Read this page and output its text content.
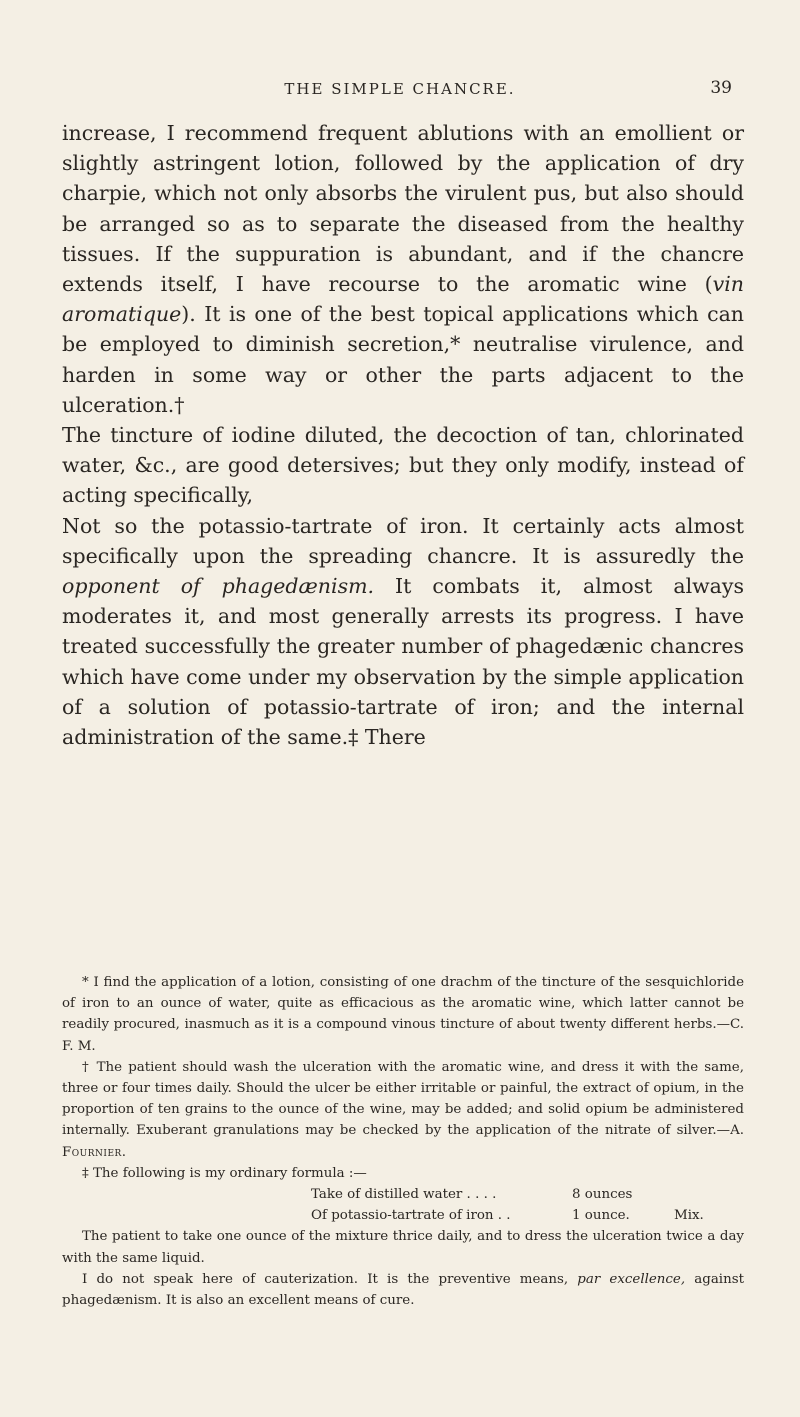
THE SIMPLE CHANCRE.	39

increase, I recommend frequent ablutions with an emollient or slightly astringent lotion, followed by the application of dry charpie, which not only absorbs the virulent pus, but also should be arranged so as to separate the diseased from the healthy tissues. If the suppuration is abundant, and if the chancre extends itself, I have recourse to the aromatic wine (vin aromatique). It is one of the best topical applications which can be employed to diminish secretion,* neutralise virulence, and harden in some way or other the parts adjacent to the ulceration.†

The tincture of iodine diluted, the decoction of tan, chlorinated water, &c., are good detersives; but they only modify, instead of acting specifically,

Not so the potassio-tartrate of iron. It certainly acts almost specifically upon the spreading chancre. It is assuredly the opponent of phagedænism. It combats it, almost always moderates it, and most generally arrests its progress. I have treated successfully the greater number of phagedænic chancres which have come under my observation by the simple application of a solution of potassio-tartrate of iron; and the internal administration of the same.‡ There

* I find the application of a lotion, consisting of one drachm of the tincture of the sesquichloride of iron to an ounce of water, quite as efficacious as the aromatic wine, which latter cannot be readily procured, inasmuch as it is a compound vinous tincture of about twenty different herbs.—C. F. M.

† The patient should wash the ulceration with the aromatic wine, and dress it with the same, three or four times daily. Should the ulcer be either irritable or painful, the extract of opium, in the proportion of ten grains to the ounce of the wine, may be added; and solid opium be administered internally. Exuberant granulations may be checked by the application of the nitrate of silver.—A. Fournier.

‡ The following is my ordinary formula :—

Take of distilled water . . . .	8 ounces
Of potassio-tartrate of iron . .	1 ounce.	Mix.

The patient to take one ounce of the mixture thrice daily, and to dress the ulceration twice a day with the same liquid.

I do not speak here of cauterization. It is the preventive means, par excellence, against phagedænism. It is also an excellent means of cure.
